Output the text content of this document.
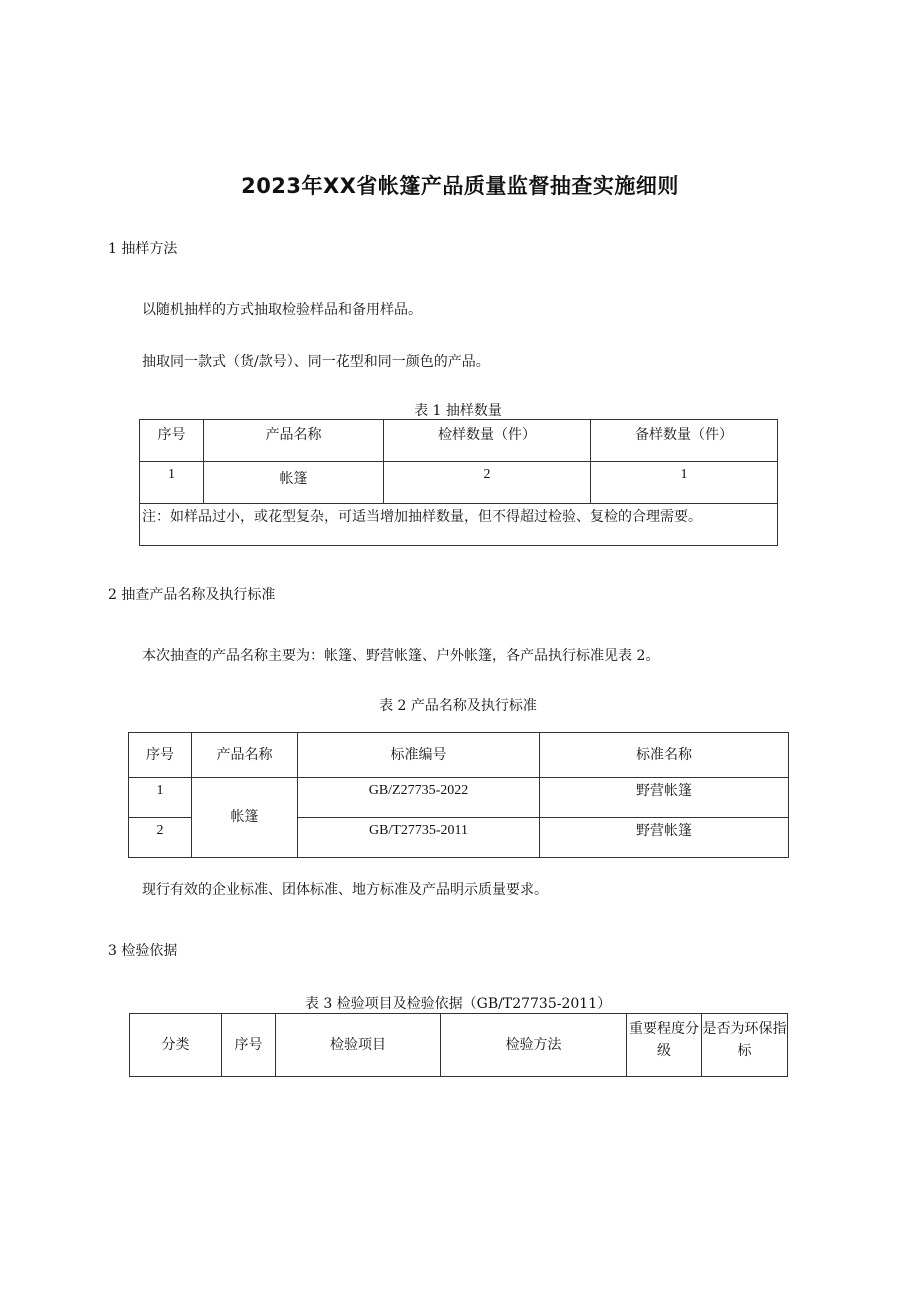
2023年XX省帐篷产品质量监督抽查实施细则
1 抽样方法
以随机抽样的方式抽取检验样品和备用样品。
抽取同一款式（货/款号）、同一花型和同一颜色的产品。
表 1 抽样数量
序号	产品名称	检样数量（件）	备样数量（件）
1	帐篷	2	1
注：如样品过小，或花型复杂，可适当增加抽样数量，但不得超过检验、复检的合理需要。			
2 抽查产品名称及执行标准
本次抽查的产品名称主要为：帐篷、野营帐篷、户外帐篷，各产品执行标准见表 2。
表 2 产品名称及执行标准
序号	产品名称	标准编号	标准名称
1	帐篷	GB/Z27735-2022	野营帐篷
2		GB/T27735-2011	野营帐篷
现行有效的企业标准、团体标准、地方标准及产品明示质量要求。
3 检验依据
表 3 检验项目及检验依据（GB/T27735-2011）
分类	序号	检验项目	检验方法	重要程度分级	是否为环保指标
